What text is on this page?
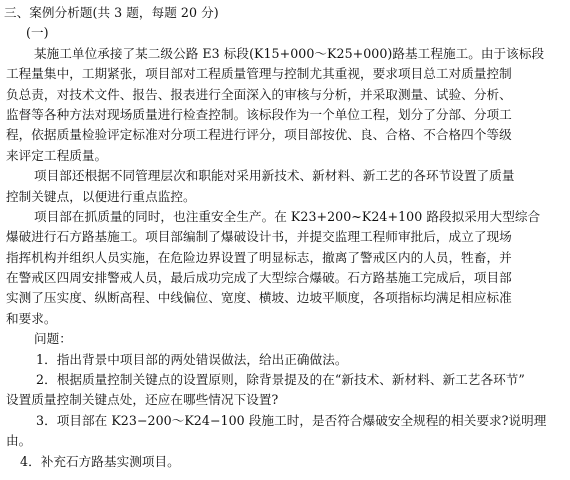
三、案例分析题(共 3 题，每题 20 分)
(一)
某施工单位承接了某二级公路 E3 标段(K15+000～K25+000)路基工程施工。由于该标段
工程量集中，工期紧张，项目部对工程质量管理与控制尤其重视，要求项目总工对质量控制
负总责，对技术文件、报告、报表进行全面深入的审核与分析，并采取测量、试验、分析、
监督等各种方法对现场质量进行检查控制。该标段作为一个单位工程，划分了分部、分项工
程，依据质量检验评定标准对分项工程进行评分，项目部按优、良、合格、不合格四个等级
来评定工程质量。
项目部还根据不同管理层次和职能对采用新技术、新材料、新工艺的各环节设置了质量
控制关键点，以便进行重点监控。
项目部在抓质量的同时，也注重安全生产。在 K23+200~K24+100 路段拟采用大型综合
爆破进行石方路基施工。项目部编制了爆破设计书，并提交监理工程师审批后，成立了现场
指挥机构并组织人员实施，在危险边界设置了明显标志，撤离了警戒区内的人员，牲畜，并
在警戒区四周安排警戒人员，最后成功完成了大型综合爆破。石方路基施工完成后，项目部
实测了压实度、纵断高程、中线偏位、宽度、横坡、边坡平顺度，各项指标均满足相应标准
和要求。
问题：
1．指出背景中项目部的两处错误做法，给出正确做法。
2．根据质量控制关键点的设置原则，除背景提及的在“新技术、新材料、新工艺各环节”
设置质量控制关键点处，还应在哪些情况下设置?
3．项目部在 K23−200～K24−100 段施工时，是否符合爆破安全规程的相关要求?说明理
由。
4．补充石方路基实测项目。
